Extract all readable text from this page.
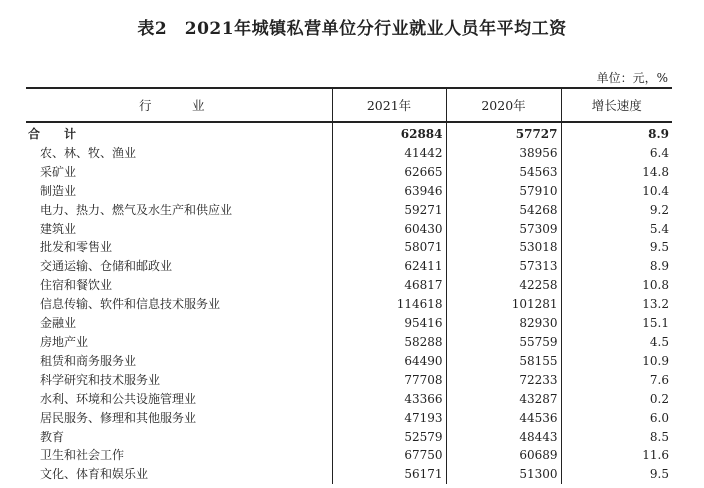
表2　2021年城镇私营单位分行业就业人员年平均工资
单位：元，%
行　业	2021年	2020年	增长速度
合　计	62884	57727	8.9
农、林、牧、渔业	41442	38956	6.4
采矿业	62665	54563	14.8
制造业	63946	57910	10.4
电力、热力、燃气及水生产和供应业	59271	54268	9.2
建筑业	60430	57309	5.4
批发和零售业	58071	53018	9.5
交通运输、仓储和邮政业	62411	57313	8.9
住宿和餐饮业	46817	42258	10.8
信息传输、软件和信息技术服务业	114618	101281	13.2
金融业	95416	82930	15.1
房地产业	58288	55759	4.5
租赁和商务服务业	64490	58155	10.9
科学研究和技术服务业	77708	72233	7.6
水利、环境和公共设施管理业	43366	43287	0.2
居民服务、修理和其他服务业	47193	44536	6.0
教育	52579	48443	8.5
卫生和社会工作	67750	60689	11.6
文化、体育和娱乐业	56171	51300	9.5
